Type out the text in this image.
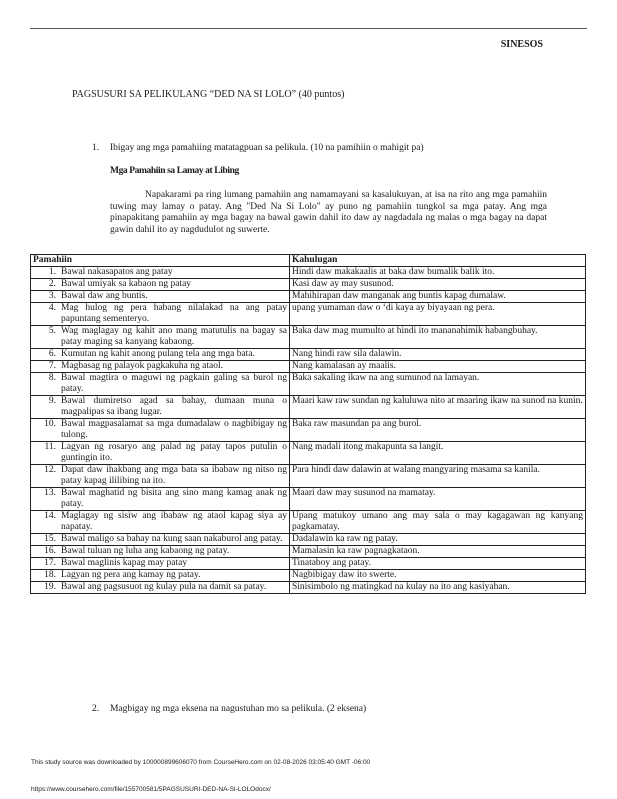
SINESOS
PAGSUSURI SA PELIKULANG “DED NA SI LOLO” (40 puntos)
1. Ibigay ang mga pamahiing matatagpuan sa pelikula. (10 na pamihiin o mahigit pa)
Mga Pamahiin sa Lamay at Libing

Napakarami pa ring lumang pamahiin ang namamayani sa kasalukuyan, at isa na rito ang mga pamahiin tuwing may lamay o patay. Ang "Ded Na Si Lolo" ay puno ng pamahiin tungkol sa mga patay. Ang mga pinapakitang pamahiin ay mga bagay na bawal gawin dahil ito daw ay nagdadala ng malas o mga bagay na dapat gawin dahil ito ay nagdudulot ng suwerte.

Pamahiin	Kahulugan

1. Bawal nakasapatos ang patay	Hindi daw makakaalis at baka daw bumalik balik ito.

2. Bawal umiyak sa kabaon ng patay	Kasi daw ay may susunod.

3. Bawal daw ang buntis.	Mahihirapan daw manganak ang buntis kapag dumalaw.

4. Mag hulog ng pera habang nilalakad na ang patay papuntang sementeryo.	upang yumaman daw o ‘di kaya ay biyayaan ng pera.

5. Wag maglagay ng kahit ano mang matutulis na bagay sa patay maging sa kanyang kabaong.	Baka daw mag mumulto at hindi ito mananahimik habangbuhay.

6. Kumutan ng kahit anong pulang tela ang mga bata.	Nang hindi raw sila dalawin.

7. Magbasag ng palayok pagkakuha ng ataol.	Nang kamalasan ay maalis.

8. Bawal magtira o maguwi ng pagkain galing sa burol ng patay.	Baka sakaling ikaw na ang sumunod na lamayan.

9. Bawal dumiretso agad sa bahay, dumaan muna o magpalipas sa ibang lugar.	Maari kaw raw sundan ng kaluluwa nito at maaring ikaw na sunod na kunin.

10. Bawal magpasalamat sa mga dumadalaw o nagbibigay ng tulong.	Baka raw masundan pa ang burol.

11. Lagyan ng rosaryo ang palad ng patay tapos putulin o guntingin ito.	Nang madali itong makapunta sa langit.

12. Dapat daw ihakbang ang mga bata sa ibabaw ng nitso ng patay kapag ililibing na ito.	Para hindi daw dalawin at walang mangyaring masama sa kanila.

13. Bawal maghatid ng bisita ang sino mang kamag anak ng patay.	Maari daw may susunod na mamatay.

14. Maglagay ng sisiw ang ibabaw ng ataol kapag siya ay napatay.	Upang matukoy umano ang may sala o may kagagawan ng kanyang pagkamatay.

15. Bawal maligo sa bahay na kung saan nakaburol ang patay.	Dadalawin ka raw ng patay.

16. Bawal tuluan ng luha ang kabaong ng patay.	Mamalasin ka raw pagnagkataon.

17. Bawal maglinis kapag may patay	Tinataboy ang patay.

18. Lagyan ng pera ang kamay ng patay.	Nagbibigay daw ito swerte.

19. Bawal ang pagsusuot ng kulay pula na damit sa patay.	Sinisimbolo ng matingkad na kulay na ito ang kasiyahan.
2. Magbigay ng mga eksena na nagustuhan mo sa pelikula. (2 eksena)
This study source was downloaded by 100000899606070 from CourseHero.com on 02-08-2026 03:05:40 GMT -06:00
https://www.coursehero.com/file/155700581/5PAGSUSURI-DED-NA-SI-LOLOdocx/
